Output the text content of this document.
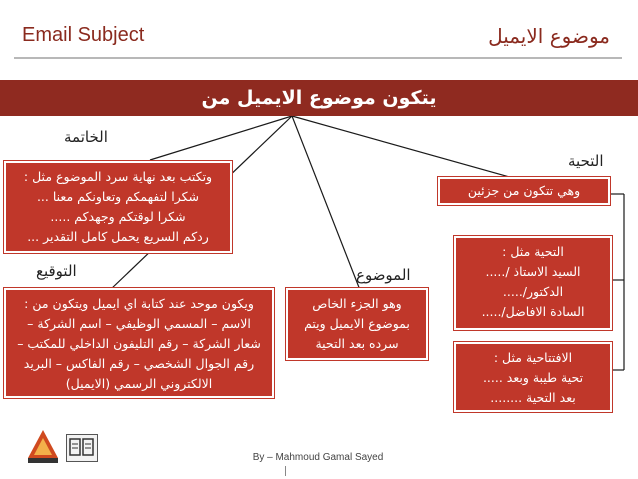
Email Subject	موضوع الايميل
يتكون موضوع الايميل من
الخاتمة
التحية
التوقيع	الموضوع
وتكتب بعد نهاية سرد الموضوع مثل :
شكرا لتفهمكم وتعاونكم معنا ...
شكرا لوقتكم وجهدكم .....
ردكم السريع يحمل كامل التقدير ...
وهي تتكون من جزئين
التحية مثل :
السيد الاستاذ /.....
الدكتور/.....
السادة الافاضل/.....
الافتتاحية مثل :
تحية طيبة وبعد .....
بعد التحية ........
ويكون موحد عند كتابة اي ايميل ويتكون من :
الاسم – المسمي الوظيفي – اسم الشركة –
شعار الشركة – رقم التليفون الداخلي للمكتب –
رقم الجوال الشخصي – رقم الفاكس – البريد
الالكتروني الرسمي (الايميل)
وهو الجزء الخاص
بموضوع الايميل ويتم
سرده بعد التحية
By – Mahmoud Gamal Sayed
